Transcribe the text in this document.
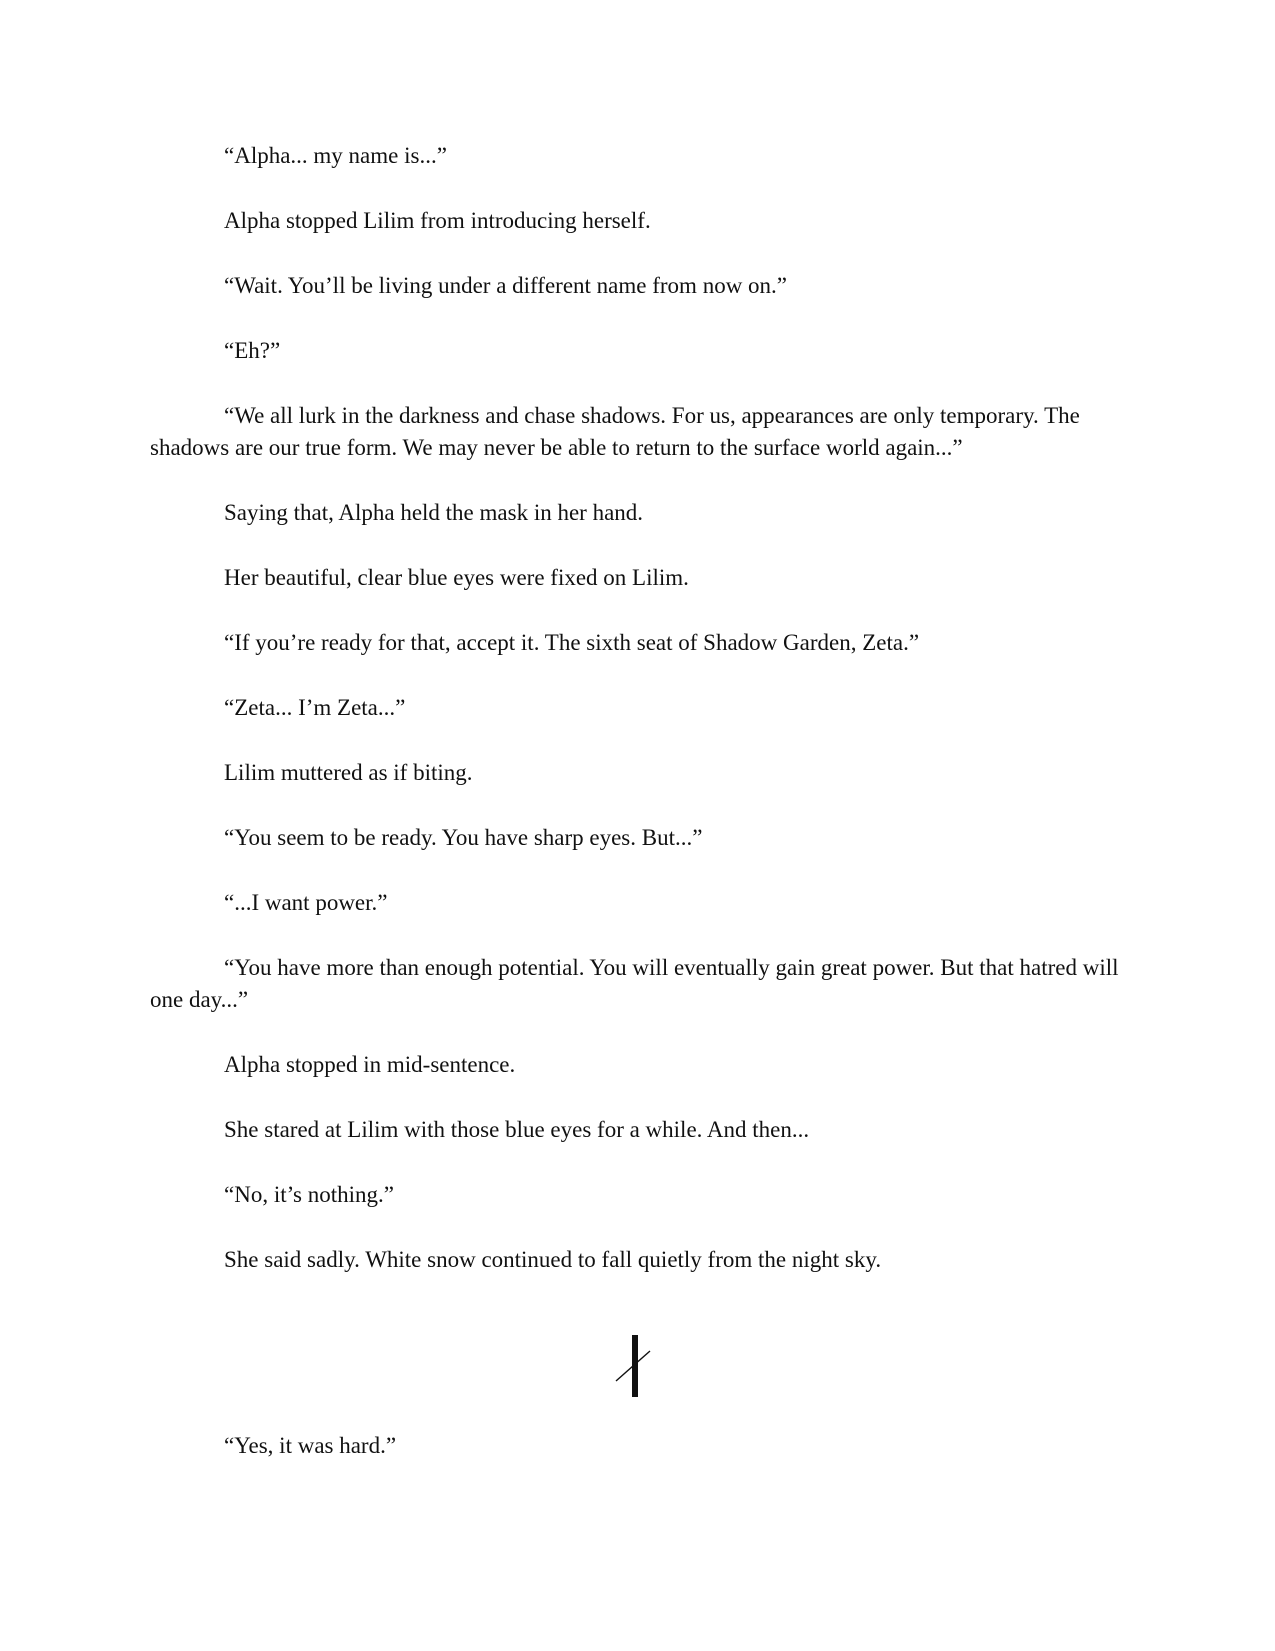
“Alpha... my name is...”

Alpha stopped Lilim from introducing herself.

“Wait. You’ll be living under a different name from now on.”

“Eh?”

“We all lurk in the darkness and chase shadows. For us, appearances are only temporary. The shadows are our true form. We may never be able to return to the surface world again...”

Saying that, Alpha held the mask in her hand.

Her beautiful, clear blue eyes were fixed on Lilim.

“If you’re ready for that, accept it. The sixth seat of Shadow Garden, Zeta.”

“Zeta... I’m Zeta...”

Lilim muttered as if biting.

“You seem to be ready. You have sharp eyes. But...”

“...I want power.”

“You have more than enough potential. You will eventually gain great power. But that hatred will one day...”

Alpha stopped in mid-sentence.

She stared at Lilim with those blue eyes for a while. And then...

“No, it’s nothing.”

She said sadly. White snow continued to fall quietly from the night sky.

“Yes, it was hard.”
